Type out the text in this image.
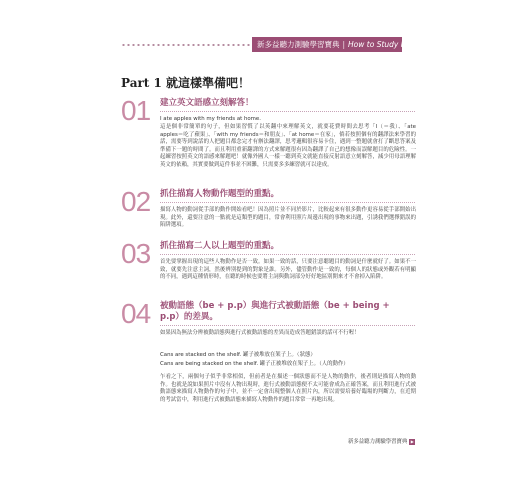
新多益聽力測驗學習寶典 | How to Study NEW TOEIC LC
Part 1 就這樣準備吧！
01 建立英文語感立刻解答！
I ate apples with my friends at home.
這是個非常簡單的句子，但如果習慣了以英翻中來理解英文，就要花費時間去思考「I（＝我）、「ate apples＝吃了蘋果」、「with my friends＝和朋友」、「at home＝在家」，倘若按照個有的翻譯法來學習的話，需要等到說話的人把題目都念完才有辦法翻譯，思考邏輯很容易卡住，遇到一整題就會打了斷思答案及準備下一題的時間了。而且利用重新翻譯的方式來解題很有因為翻譯了自己的想像而誤解題目的危險性。一起練習按照英文的語感來解題吧！就像外國人一樣一聽到英文就能直接反射語意立刻解答，減少用母語理解英文的依賴，其實要做到這件事並不困難，只需要多多練習就可以達成。
02 抓住描寫人物動作題型的重點。
描寫人物的動詞從手部的動作開始看吧！因為照片並不同於影片，比較起來有很多動作更容易從手部開始出現。此外，還要注意的一點就是這類型的題目，常會利用照片周邊出現的事物來出題，引誘我們選擇錯誤的陷阱選項。
03 抓住描寫二人以上題型的重點。
首先要掌握出現的這些人物動作是否一致。如果一致的話，只要注意聽題目的動詞是什麼就好了。如果不一致，就要先注意主詞，然後辨別提到的對象是誰。另外，儘管動作是一致的，每個人的狀態或外觀若有明顯的不同，遇到這種情形時，在聽的時候也要將主詞與動詞部分好好地區別開來才不會掉入陷阱。
04 被動語態（be + p.p）與進行式被動語態（be + being + p.p）的差異。
如果因為無法分辨被動語態與進行式被動語態的差異而造成答題錯誤的話可不行喔！
Cans are stacked on the shelf. 罐子被堆放在架子上。（狀態）
Cans are being stacked on the shelf. 罐子正被堆放在架子上。（人的動作）
乍看之下，兩個句子似乎非常相似，但前者是在描述一個狀態而不是人物的動作，後者則是描寫人物的動作。也就是說如果照片中沒有人物出現時，進行式被動語態便不太可能會成為正確答案，而且利用進行式被動語態來描寫人物動作的句子中，並不一定會出現整個人在照片內，所以需要培養好臨場的判斷力，在近期的考試當中，利用進行式被動語態來描寫人物動作的題目常常一再地出現。
新多益聽力測驗學習寶典 ▶
